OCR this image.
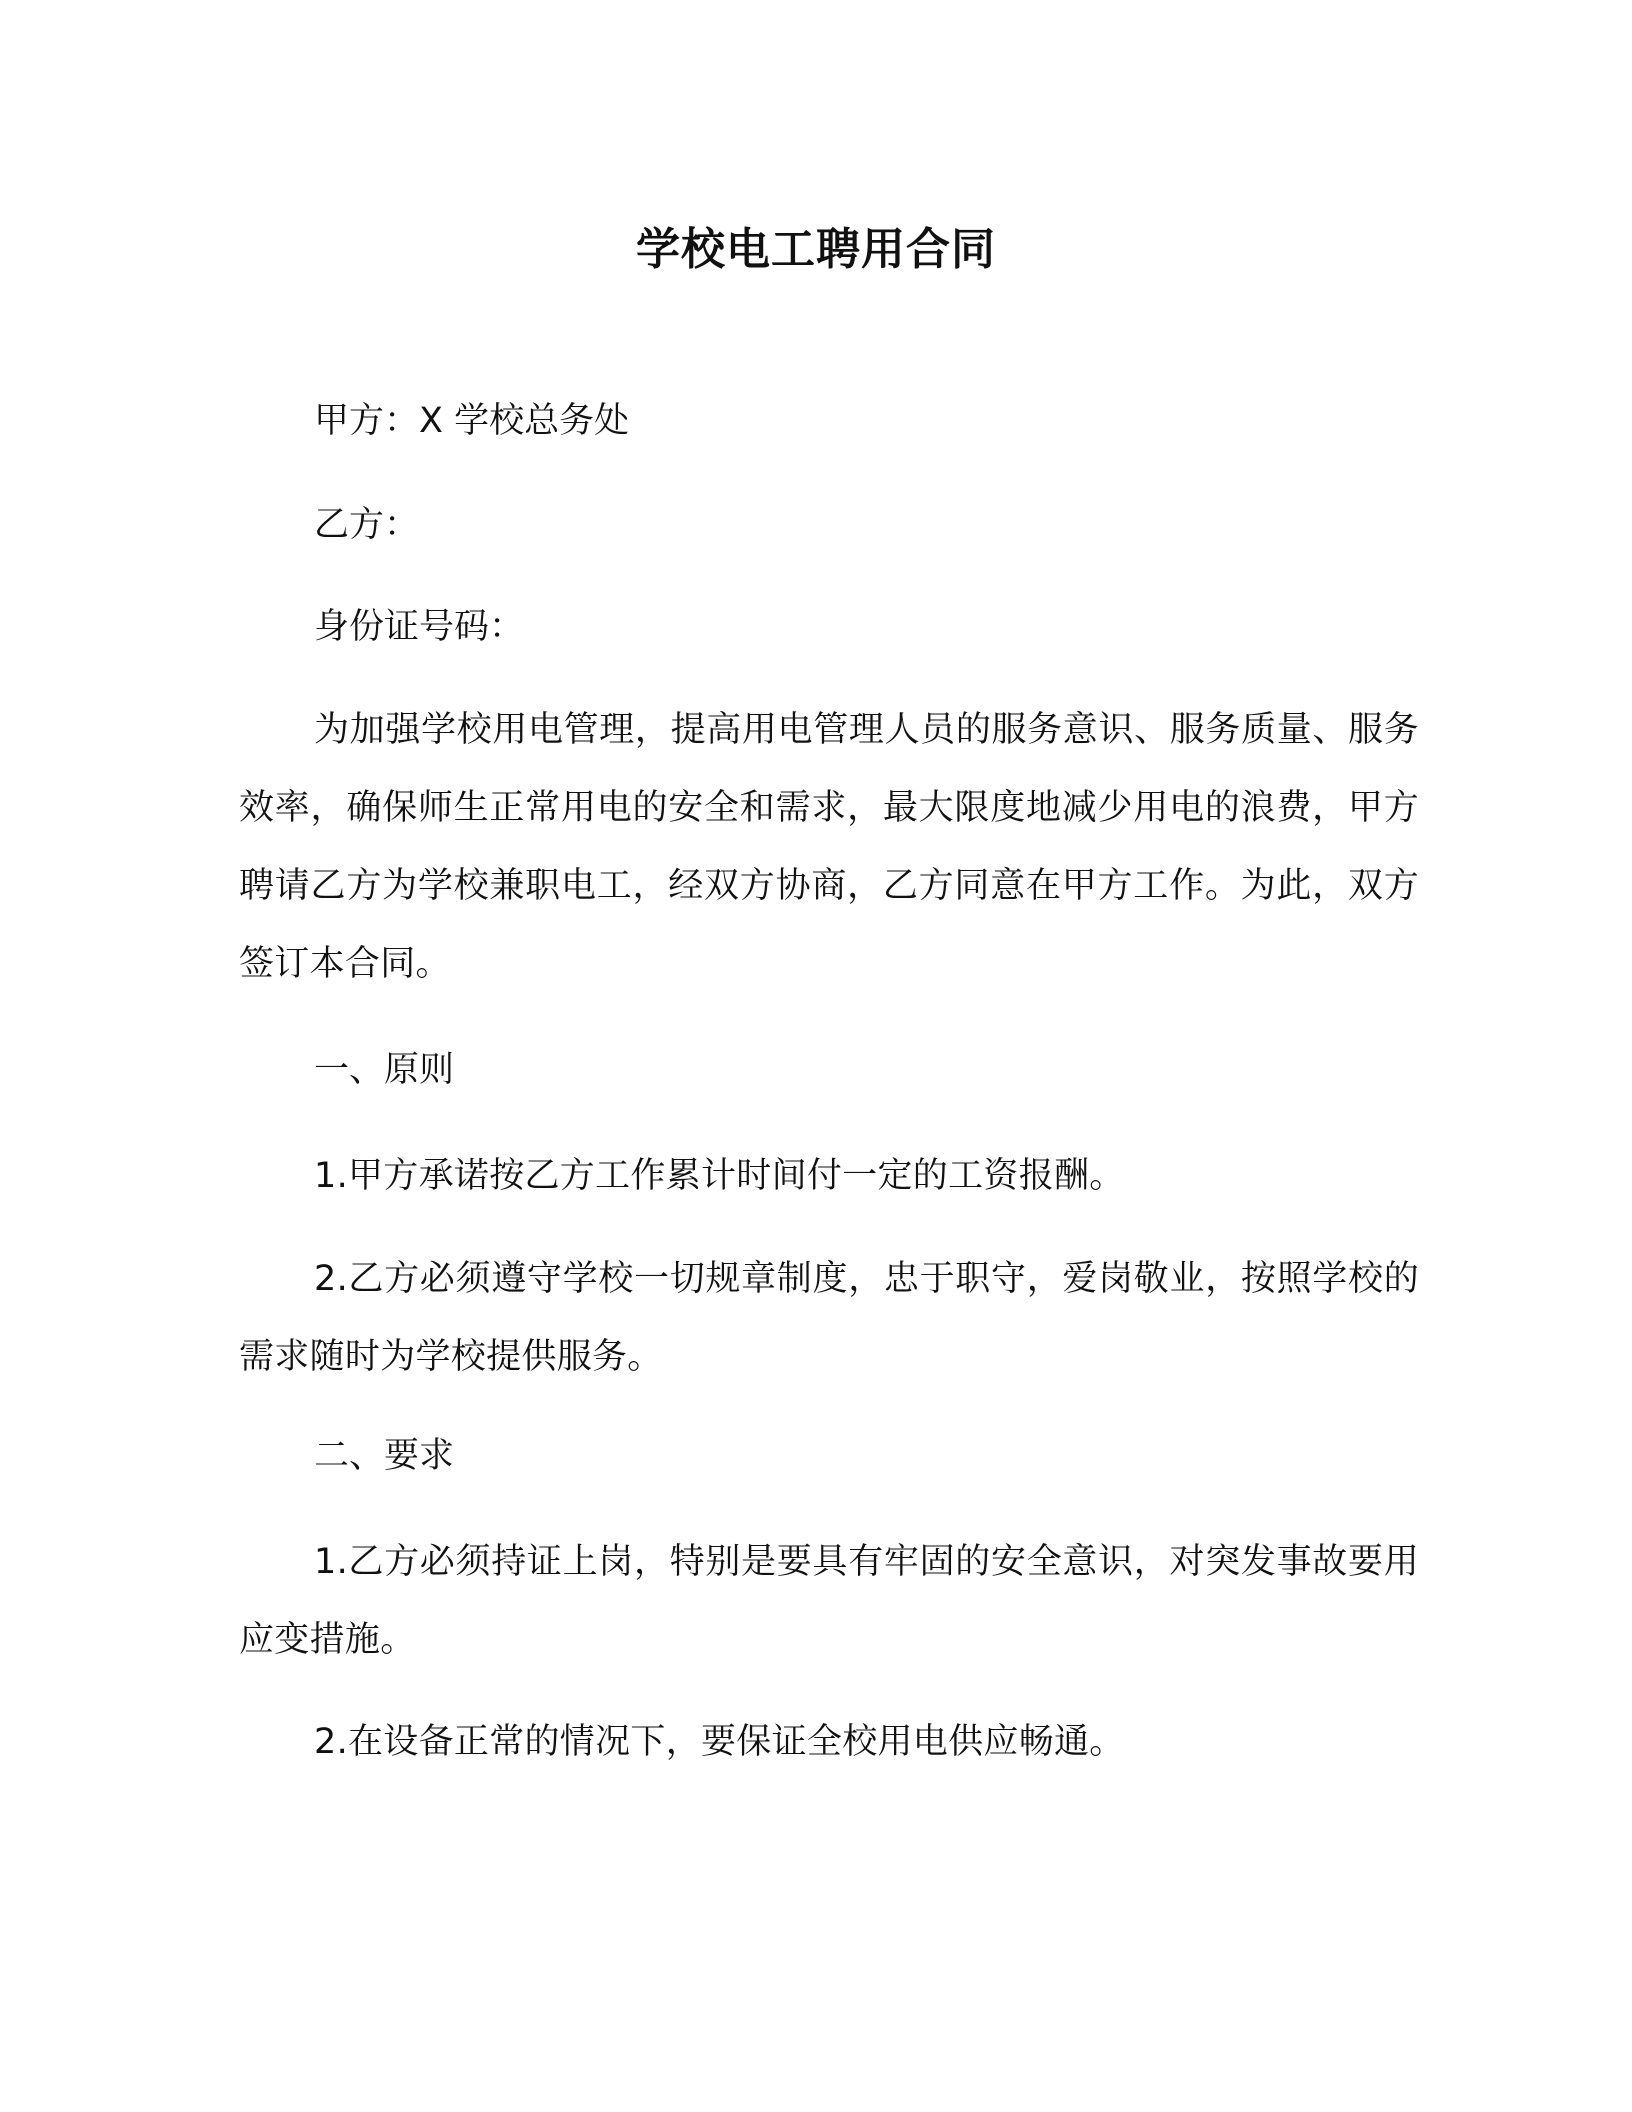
学校电工聘用合同
甲方：X 学校总务处
乙方：
身份证号码：
为加强学校用电管理，提高用电管理人员的服务意识、服务质量、服务效率，确保师生正常用电的安全和需求，最大限度地减少用电的浪费，甲方聘请乙方为学校兼职电工，经双方协商，乙方同意在甲方工作。为此，双方签订本合同。
一、原则
1.甲方承诺按乙方工作累计时间付一定的工资报酬。
2.乙方必须遵守学校一切规章制度，忠于职守，爱岗敬业，按照学校的需求随时为学校提供服务。
二、要求
1.乙方必须持证上岗，特别是要具有牢固的安全意识，对突发事故要用应变措施。
2.在设备正常的情况下，要保证全校用电供应畅通。
